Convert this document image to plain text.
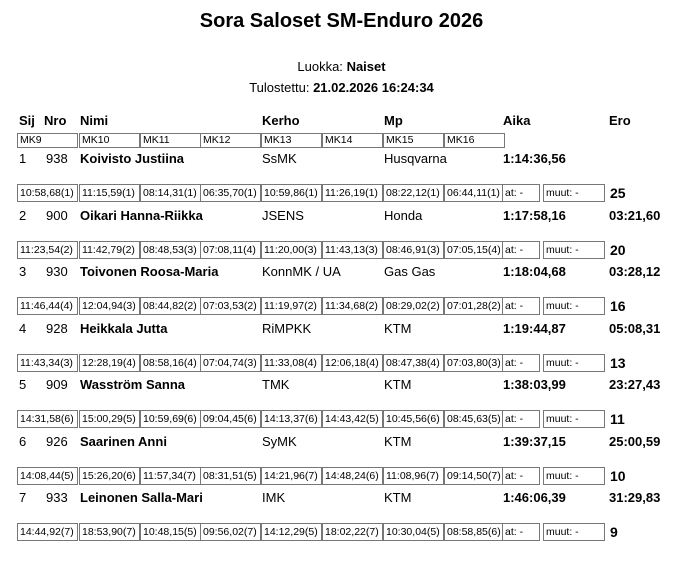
Sora Saloset SM-Enduro 2026
Luokka: Naiset
Tulostettu: 21.02.2026 16:24:34
Sij Nro Nimi	Kerho	Mp	Aika	Ero
MK9	MK10	MK11	MK12	MK13	MK14	MK15	MK16
1 938 Koivisto Justiina	SsMK	Husqvarna	1:14:36,56
10:58,68(1) 11:15,59(1) 08:14,31(1) 06:35,70(1) 10:59,86(1) 11:26,19(1) 08:22,12(1) 06:44,11(1) at: -	muut: -	25
2 900 Oikari Hanna-Riikka	JSENS	Honda	1:17:58,16	03:21,60
11:23,54(2) 11:42,79(2) 08:48,53(3) 07:08,11(4) 11:20,00(3) 11:43,13(3) 08:46,91(3) 07:05,15(4) at: -	muut: -	20
3 930 Toivonen Roosa-Maria	KonnMK / UA	Gas Gas	1:18:04,68	03:28,12
11:46,44(4) 12:04,94(3) 08:44,82(2) 07:03,53(2) 11:19,97(2) 11:34,68(2) 08:29,02(2) 07:01,28(2) at: -	muut: -	16
4 928 Heikkala Jutta	RiMPKK	KTM	1:19:44,87	05:08,31
11:43,34(3) 12:28,19(4) 08:58,16(4) 07:04,74(3) 11:33,08(4) 12:06,18(4) 08:47,38(4) 07:03,80(3) at: -	muut: -	13
5 909 Wasström Sanna	TMK	KTM	1:38:03,99	23:27,43
14:31,58(6) 15:00,29(5) 10:59,69(6) 09:04,45(6) 14:13,37(6) 14:43,42(5) 10:45,56(6) 08:45,63(5) at: -	muut: -	11
6 926 Saarinen Anni	SyMK	KTM	1:39:37,15	25:00,59
14:08,44(5) 15:26,20(6) 11:57,34(7) 08:31,51(5) 14:21,96(7) 14:48,24(6) 11:08,96(7) 09:14,50(7) at: -	muut: -	10
7 933 Leinonen Salla-Mari	IMK	KTM	1:46:06,39	31:29,83
14:44,92(7) 18:53,90(7) 10:48,15(5) 09:56,02(7) 14:12,29(5) 18:02,22(7) 10:30,04(5) 08:58,85(6) at: -	muut: -	9
